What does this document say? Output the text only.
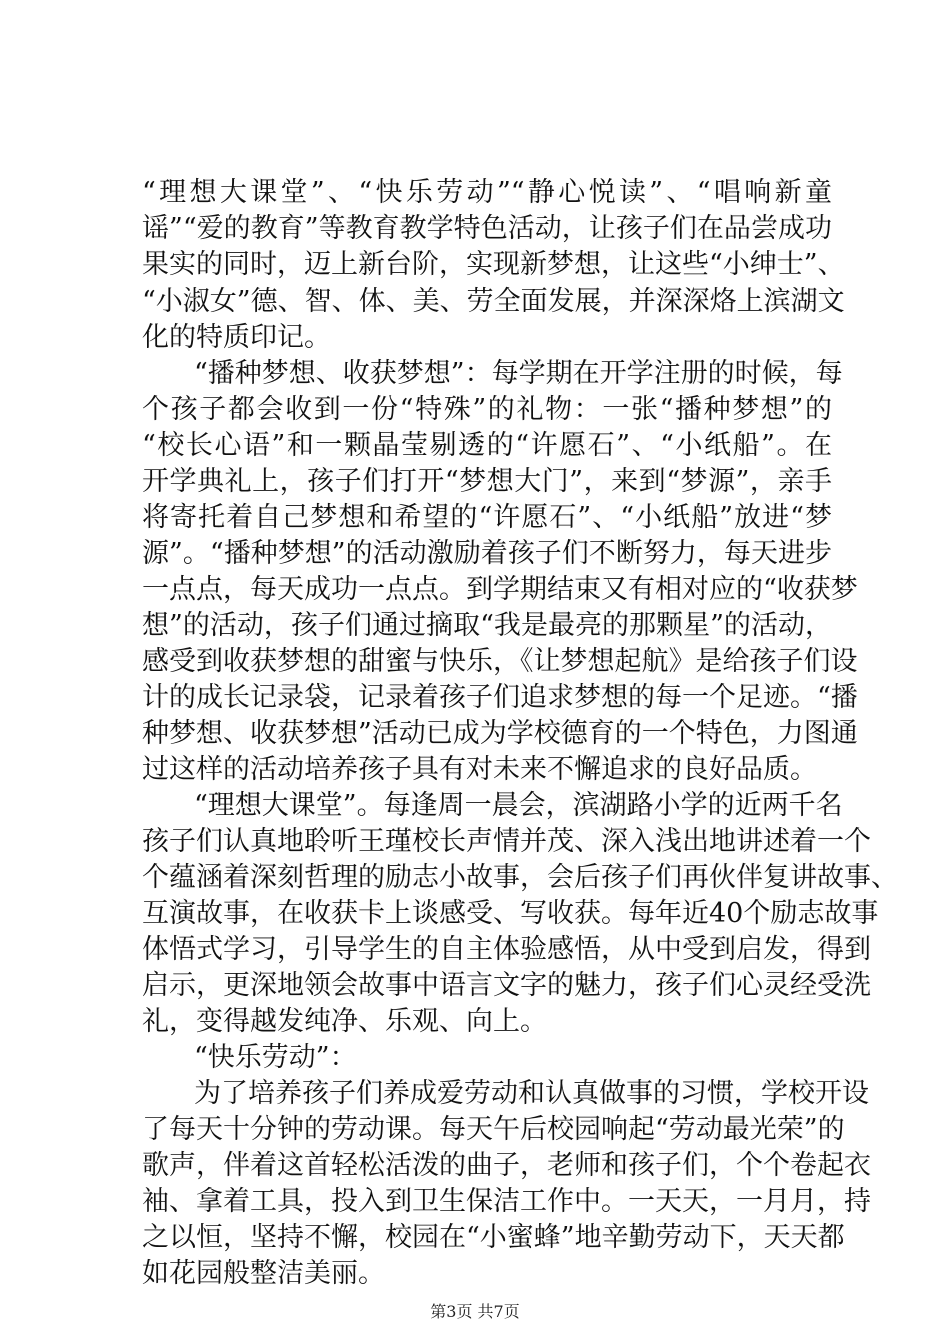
“理想大课堂”、“快乐劳动”“静心悦读”、“唱响新童
谣”“爱的教育”等教育教学特色活动，让孩子们在品尝成功
果实的同时，迈上新台阶，实现新梦想，让这些“小绅士”、
“小淑女”德、智、体、美、劳全面发展，并深深烙上滨湖文
化的特质印记。
“播种梦想、收获梦想”：每学期在开学注册的时候，每
个孩子都会收到一份“特殊”的礼物：一张“播种梦想”的
“校长心语”和一颗晶莹剔透的“许愿石”、“小纸船”。在
开学典礼上，孩子们打开“梦想大门”，来到“梦源”，亲手
将寄托着自己梦想和希望的“许愿石”、“小纸船”放进“梦
源”。“播种梦想”的活动激励着孩子们不断努力，每天进步
一点点，每天成功一点点。到学期结束又有相对应的“收获梦
想”的活动，孩子们通过摘取“我是最亮的那颗星”的活动，
感受到收获梦想的甜蜜与快乐，《让梦想起航》是给孩子们设
计的成长记录袋，记录着孩子们追求梦想的每一个足迹。“播
种梦想、收获梦想”活动已成为学校德育的一个特色，力图通
过这样的活动培养孩子具有对未来不懈追求的良好品质。
“理想大课堂”。每逢周一晨会，滨湖路小学的近两千名
孩子们认真地聆听王瑾校长声情并茂、深入浅出地讲述着一个
个蕴涵着深刻哲理的励志小故事，会后孩子们再伙伴复讲故事、
互演故事，在收获卡上谈感受、写收获。每年近40个励志故事
体悟式学习，引导学生的自主体验感悟，从中受到启发，得到
启示，更深地领会故事中语言文字的魅力，孩子们心灵经受洗
礼，变得越发纯净、乐观、向上。
“快乐劳动”：
为了培养孩子们养成爱劳动和认真做事的习惯，学校开设
了每天十分钟的劳动课。每天午后校园响起“劳动最光荣”的
歌声，伴着这首轻松活泼的曲子，老师和孩子们，个个卷起衣
袖、拿着工具，投入到卫生保洁工作中。一天天，一月月，持
之以恒，坚持不懈，校园在“小蜜蜂”地辛勤劳动下，天天都
如花园般整洁美丽。
第3页 共7页
